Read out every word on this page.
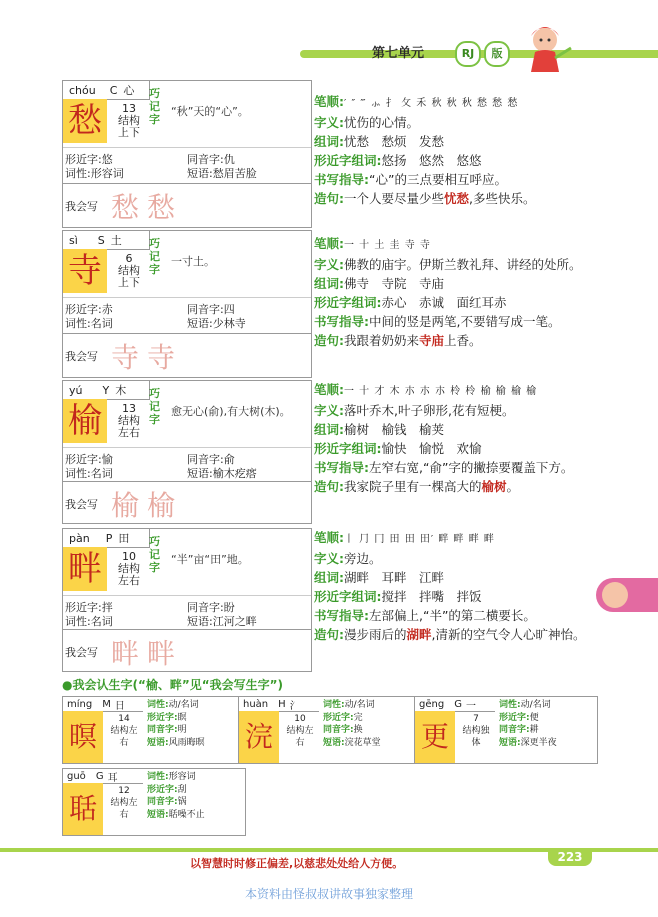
第七单元	RJ	版
chóu C 心
愁	13
结构
上下
巧记字
“秋”天的“心”。
形近字:悠	同音字:仇
词性:形容词	短语:愁眉苦脸
我会写 愁愁
笔顺:′ ″ ‴ ⺗ ⺘ ⺙ 禾 秋 秋 秋 愁 愁 愁
字义:忧伤的心情。
组词:忧愁　愁烦　发愁
形近字组词:悠扬　悠然　悠悠
书写指导:“心”的三点要相互呼应。
造句:一个人要尽量少些忧愁,多些快乐。
sì S 土
寺	6
结构
上下
巧记字
一寸土。
形近字:赤	同音字:四
词性:名词	短语:少林寺
我会写 寺寺
笔顺:一 十 土 圭 寺 寺
字义:佛教的庙宇。伊斯兰教礼拜、讲经的处所。
组词:佛寺　寺院　寺庙
形近字组词:赤心　赤诚　面红耳赤
书写指导:中间的竖是两笔,不要错写成一笔。
造句:我跟着奶奶来寺庙上香。
yú Y 木
榆	13
结构
左右
巧记字
愈无心(俞),有大树(木)。
形近字:愉	同音字:俞
词性:名词	短语:榆木疙瘩
我会写 榆榆
笔顺:一 十 才 木 朩 朩 朩 柃 柃 榆 榆 榆 榆
字义:落叶乔木,叶子卵形,花有短梗。
组词:榆树　榆钱　榆荚
形近字组词:愉快　愉悦　欢愉
书写指导:左窄右宽,“俞”字的撇捺要覆盖下方。
造句:我家院子里有一棵高大的榆树。
pàn P 田
畔	10
结构
左右
巧记字
“半”亩“田”地。
形近字:拌	同音字:盼
词性:名词	短语:江河之畔
我会写 畔畔
笔顺:丨 ⺆ 冂 田 田 田′ 畔 畔 畔 畔
字义:旁边。
组词:湖畔　耳畔　江畔
形近字组词:搅拌　拌嘴　拌饭
书写指导:左部偏上,“半”的第二横要长。
造句:漫步雨后的湖畔,清新的空气令人心旷神怡。
●我会认生字(“榆、畔”见“我会写生字”)
míng M 日
暝
14
结构左右
词性:动/名词
形近字:瞑
同音字:明
短语:风雨晦暝
huàn H 氵
浣
10
结构左右
词性:动/名词
形近字:完
同音字:换
短语:浣花草堂
gēng G 一
更
7
结构独体
词性:动/名词
形近字:便
同音字:耕
短语:深更半夜
guō G 耳
聒
12
结构左右
词性:形容词
形近字:刮
同音字:锅
短语:聒噪不止
以智慧时时修正偏差,以慈悲处处给人方便。	223
本资料由怪叔叔讲故事独家整理
